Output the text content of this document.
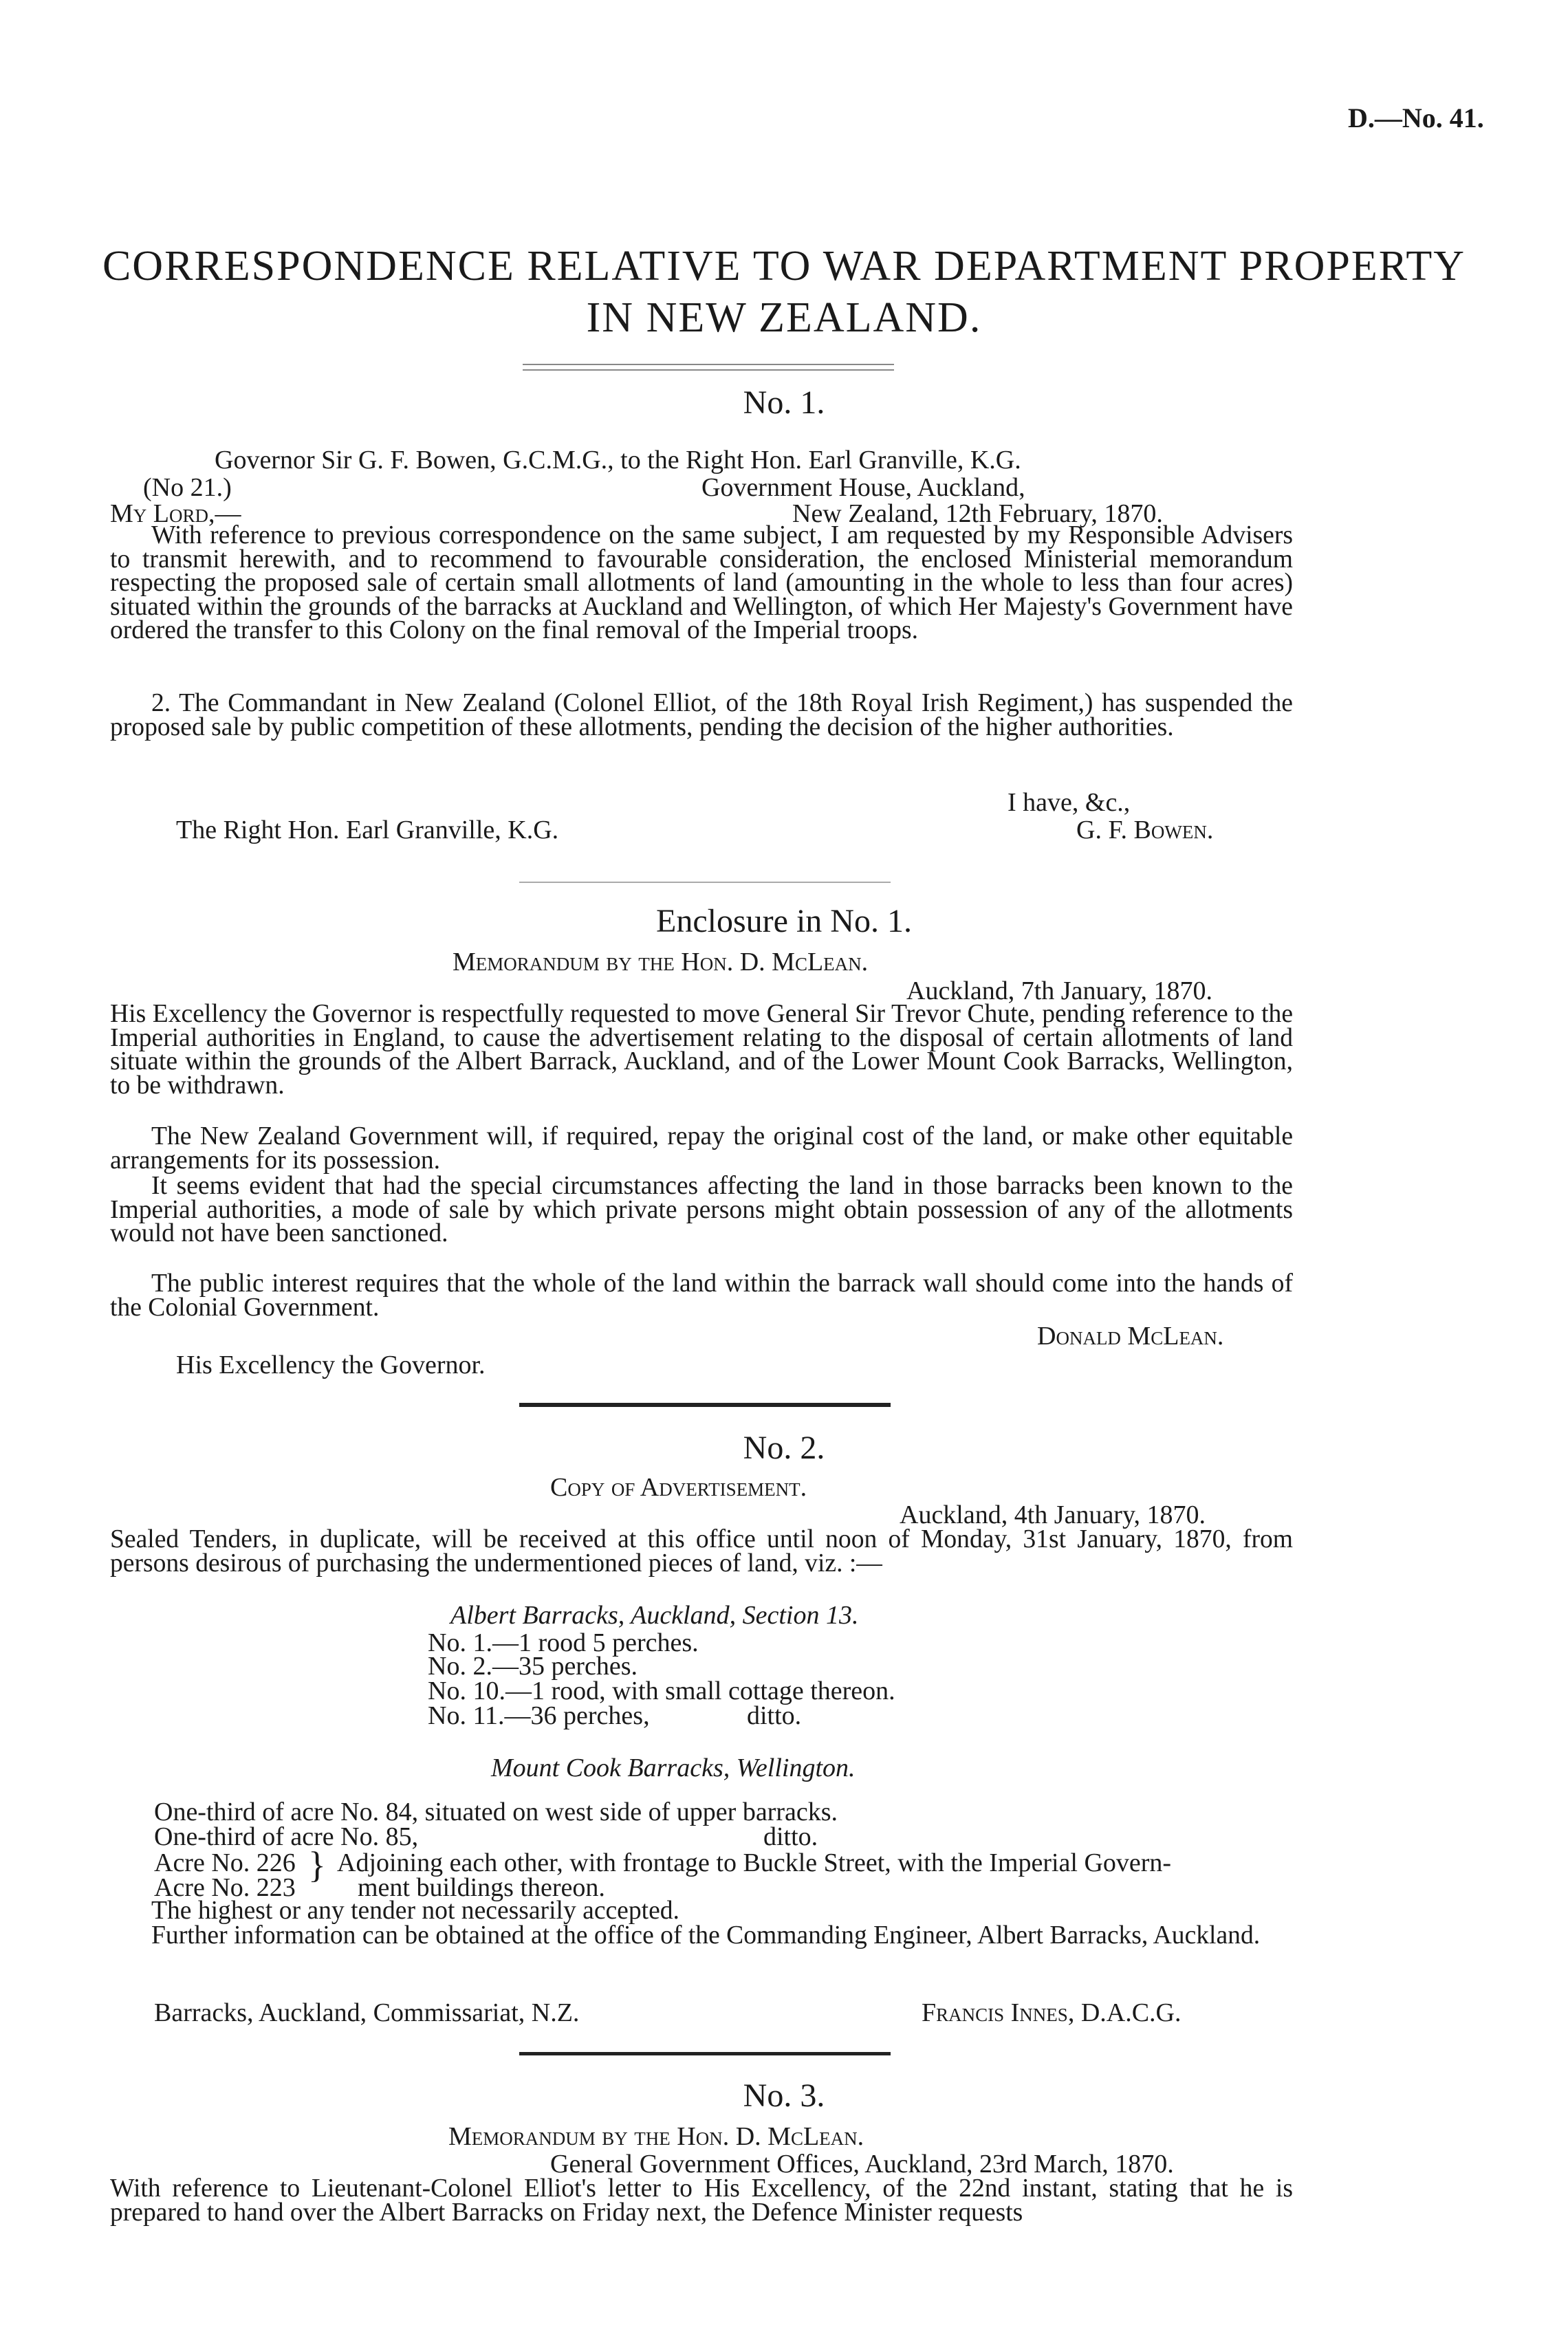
D.—No. 41.
CORRESPONDENCE RELATIVE TO WAR DEPARTMENT PROPERTY
IN NEW ZEALAND.
No. 1.
Governor Sir G. F. Bowen, G.C.M.G., to the Right Hon. Earl Granville, K.G.
(No 21.)	Government House, Auckland,
My Lord,—	New Zealand, 12th February, 1870.
With reference to previous correspondence on the same subject, I am requested by my Responsible Advisers to transmit herewith, and to recommend to favourable consideration, the enclosed Ministerial memorandum respecting the proposed sale of certain small allotments of land (amounting in the whole to less than four acres) situated within the grounds of the barracks at Auckland and Wellington, of which Her Majesty's Government have ordered the transfer to this Colony on the final removal of the Imperial troops.
2. The Commandant in New Zealand (Colonel Elliot, of the 18th Royal Irish Regiment,) has suspended the proposed sale by public competition of these allotments, pending the decision of the higher authorities.
I have, &c.,
The Right Hon. Earl Granville, K.G.	G. F. Bowen.
Enclosure in No. 1.
Memorandum by the Hon. D. McLean.
Auckland, 7th January, 1870.
His Excellency the Governor is respectfully requested to move General Sir Trevor Chute, pending reference to the Imperial authorities in England, to cause the advertisement relating to the disposal of certain allotments of land situate within the grounds of the Albert Barrack, Auckland, and of the Lower Mount Cook Barracks, Wellington, to be withdrawn.
The New Zealand Government will, if required, repay the original cost of the land, or make other equitable arrangements for its possession.
It seems evident that had the special circumstances affecting the land in those barracks been known to the Imperial authorities, a mode of sale by which private persons might obtain possession of any of the allotments would not have been sanctioned.
The public interest requires that the whole of the land within the barrack wall should come into the hands of the Colonial Government.
Donald McLean.
His Excellency the Governor.
No. 2.
Copy of Advertisement.
Auckland, 4th January, 1870.
Sealed Tenders, in duplicate, will be received at this office until noon of Monday, 31st January, 1870, from persons desirous of purchasing the undermentioned pieces of land, viz. :—
Albert Barracks, Auckland, Section 13.
No. 1.—1 rood 5 perches.
No. 2.—35 perches.
No. 10.—1 rood, with small cottage thereon.
No. 11.—36 perches,	ditto.
Mount Cook Barracks, Wellington.
One-third of acre No. 84, situated on west side of upper barracks.
One-third of acre No. 85,	ditto.
Acre No. 226
Acre No. 223
} Adjoining each other, with frontage to Buckle Street, with the Imperial Govern-
ment buildings thereon.
The highest or any tender not necessarily accepted.
Further information can be obtained at the office of the Commanding Engineer, Albert Barracks, Auckland.
Barracks, Auckland, Commissariat, N.Z.	Francis Innes, D.A.C.G.
No. 3.
Memorandum by the Hon. D. McLean.
General Government Offices, Auckland, 23rd March, 1870.
With reference to Lieutenant-Colonel Elliot's letter to His Excellency, of the 22nd instant, stating that he is prepared to hand over the Albert Barracks on Friday next, the Defence Minister requests
